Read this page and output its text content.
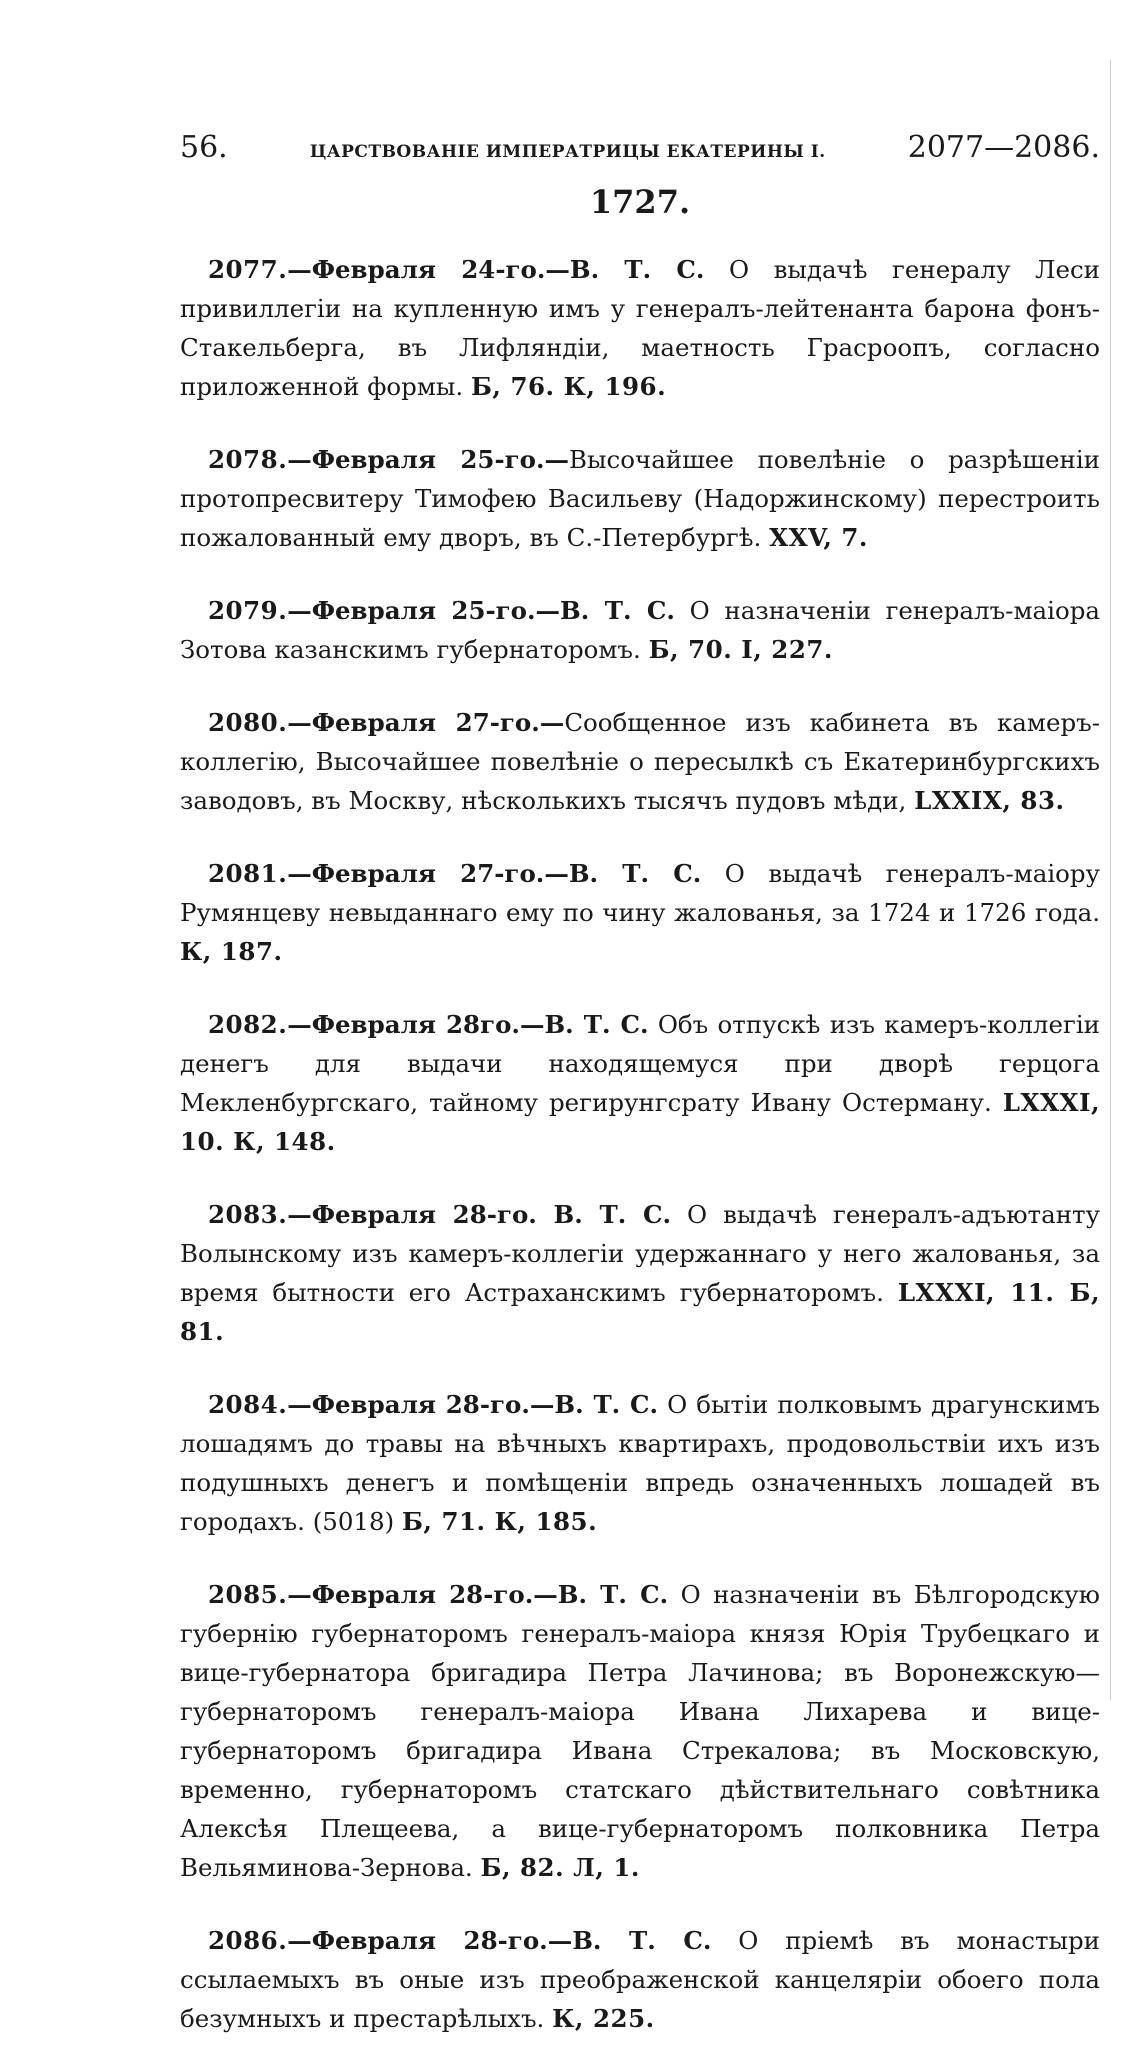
56.	ЦАРСТВОВАНІЕ ИМПЕРАТРИЦЫ ЕКАТЕРИНЫ I.	2077—2086.
1727.
2077.—Февраля 24-го.—В. Т. С. О выдачѣ генералу Леси привиллегіи на купленную имъ у генералъ-лейтенанта барона фонъ-Стакельберга, въ Лифляндіи, маетность Грасроопъ, согласно приложенной формы. Б, 76. К, 196.
2078.—Февраля 25-го.—Высочайшее повелѣніе о разрѣшеніи протопресвитеру Тимофею Васильеву (Надоржинскому) перестроить пожалованный ему дворъ, въ С.-Петербургѣ. XXV, 7.
2079.—Февраля 25-го.—В. Т. С. О назначеніи генералъ-маіора Зотова казанскимъ губернаторомъ. Б, 70. I, 227.
2080.—Февраля 27-го.—Сообщенное изъ кабинета въ камеръ-коллегію, Высочайшее повелѣніе о пересылкѣ съ Екатеринбургскихъ заводовъ, въ Москву, нѣсколькихъ тысячъ пудовъ мѣди, LXXIX, 83.
2081.—Февраля 27-го.—В. Т. С. О выдачѣ генералъ-маіору Румянцеву невыданнаго ему по чину жалованья, за 1724 и 1726 года. К, 187.
2082.—Февраля 28го.—В. Т. С. Объ отпускѣ изъ камеръ-коллегіи денегъ для выдачи находящемуся при дворѣ герцога Мекленбургскаго, тайному регирунгсрату Ивану Остерману. LXXXI, 10. К, 148.
2083.—Февраля 28-го. В. Т. С. О выдачѣ генералъ-адъютанту Волынскому изъ камеръ-коллегіи удержаннаго у него жалованья, за время бытности его Астраханскимъ губернаторомъ. LXXXI, 11. Б, 81.
2084.—Февраля 28-го.—В. Т. С. О бытіи полковымъ драгунскимъ лошадямъ до травы на вѣчныхъ квартирахъ, продовольствіи ихъ изъ подушныхъ денегъ и помѣщеніи впредь означенныхъ лошадей въ городахъ. (5018) Б, 71. К, 185.
2085.—Февраля 28-го.—В. Т. С. О назначеніи въ Бѣлгородскую губернію губернаторомъ генералъ-маіора князя Юрія Трубецкаго и вице-губернатора бригадира Петра Лачинова; въ Воронежскую—губернаторомъ генералъ-маіора Ивана Лихарева и вице-губернаторомъ бригадира Ивана Стрекалова; въ Московскую, временно, губернаторомъ статскаго дѣйствительнаго совѣтника Алексѣя Плещеева, а вице-губернаторомъ полковника Петра Вельяминова-Зернова. Б, 82. Л, 1.
2086.—Февраля 28-го.—В. Т. С. О пріемѣ въ монастыри ссылаемыхъ въ оные изъ преображенской канцеляріи обоего пола безумныхъ и престарѣлыхъ. К, 225.
